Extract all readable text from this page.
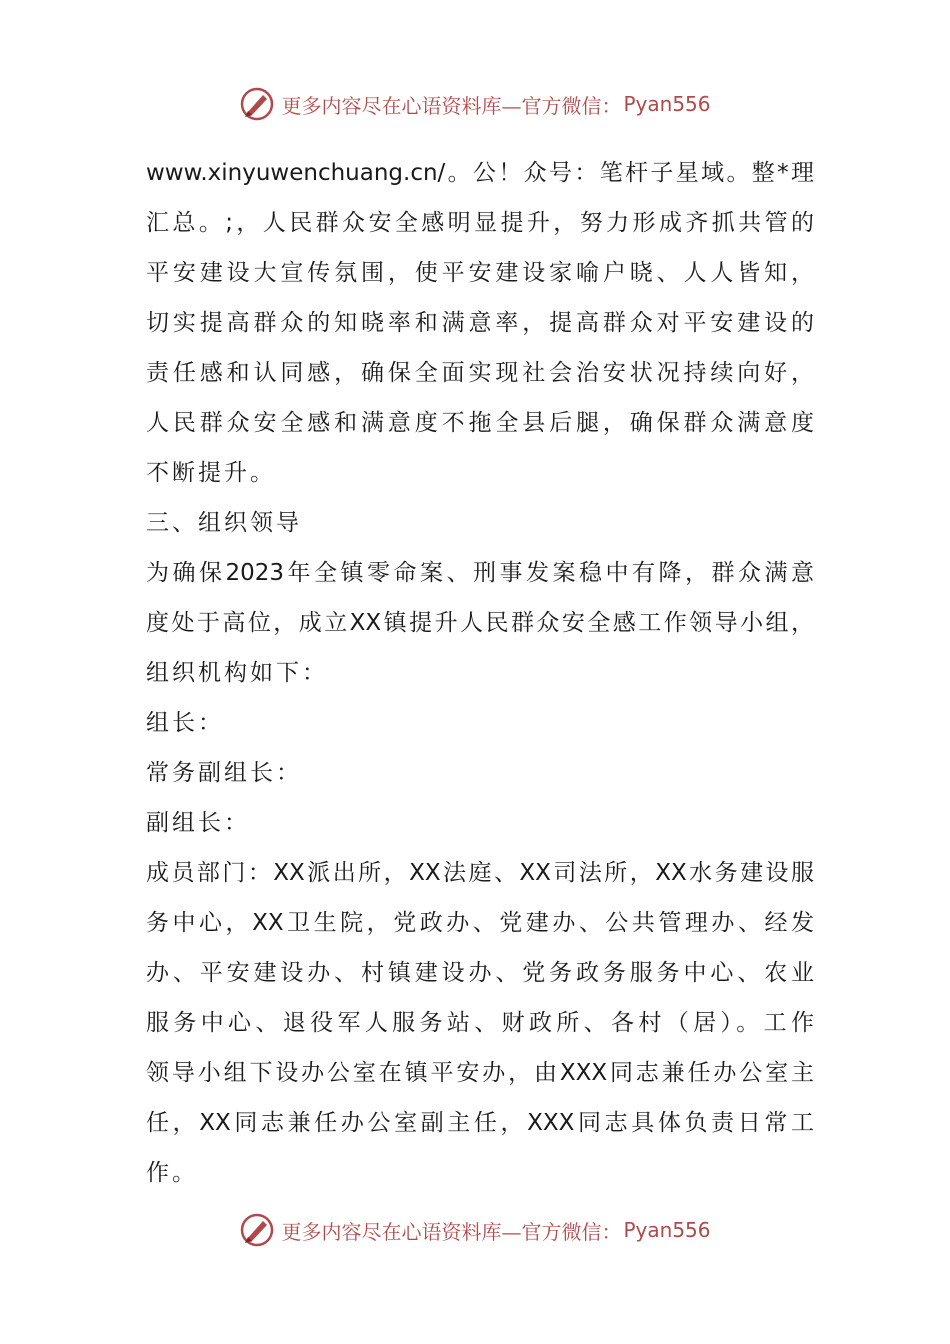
更多内容尽在心语资料库—官方微信： Pyan556
www.xinyuwenchuang.cn/。公！众号：笔杆子星域。整*理
汇总。;，人民群众安全感明显提升，努力形成齐抓共管的
平安建设大宣传氛围，使平安建设家喻户晓、人人皆知，
切实提高群众的知晓率和满意率，提高群众对平安建设的
责任感和认同感，确保全面实现社会治安状况持续向好，
人民群众安全感和满意度不拖全县后腿，确保群众满意度
不断提升。
三、组织领导
为确保2023年全镇零命案、刑事发案稳中有降，群众满意
度处于高位，成立XX镇提升人民群众安全感工作领导小组，
组织机构如下：
组长：
常务副组长：
副组长：
成员部门：XX派出所，XX法庭、XX司法所，XX水务建设服
务中心，XX卫生院，党政办、党建办、公共管理办、经发
办、平安建设办、村镇建设办、党务政务服务中心、农业
服务中心、退役军人服务站、财政所、各村（居）。工作
领导小组下设办公室在镇平安办，由XXX同志兼任办公室主
任，XX同志兼任办公室副主任，XXX同志具体负责日常工
作。
更多内容尽在心语资料库—官方微信： Pyan556
